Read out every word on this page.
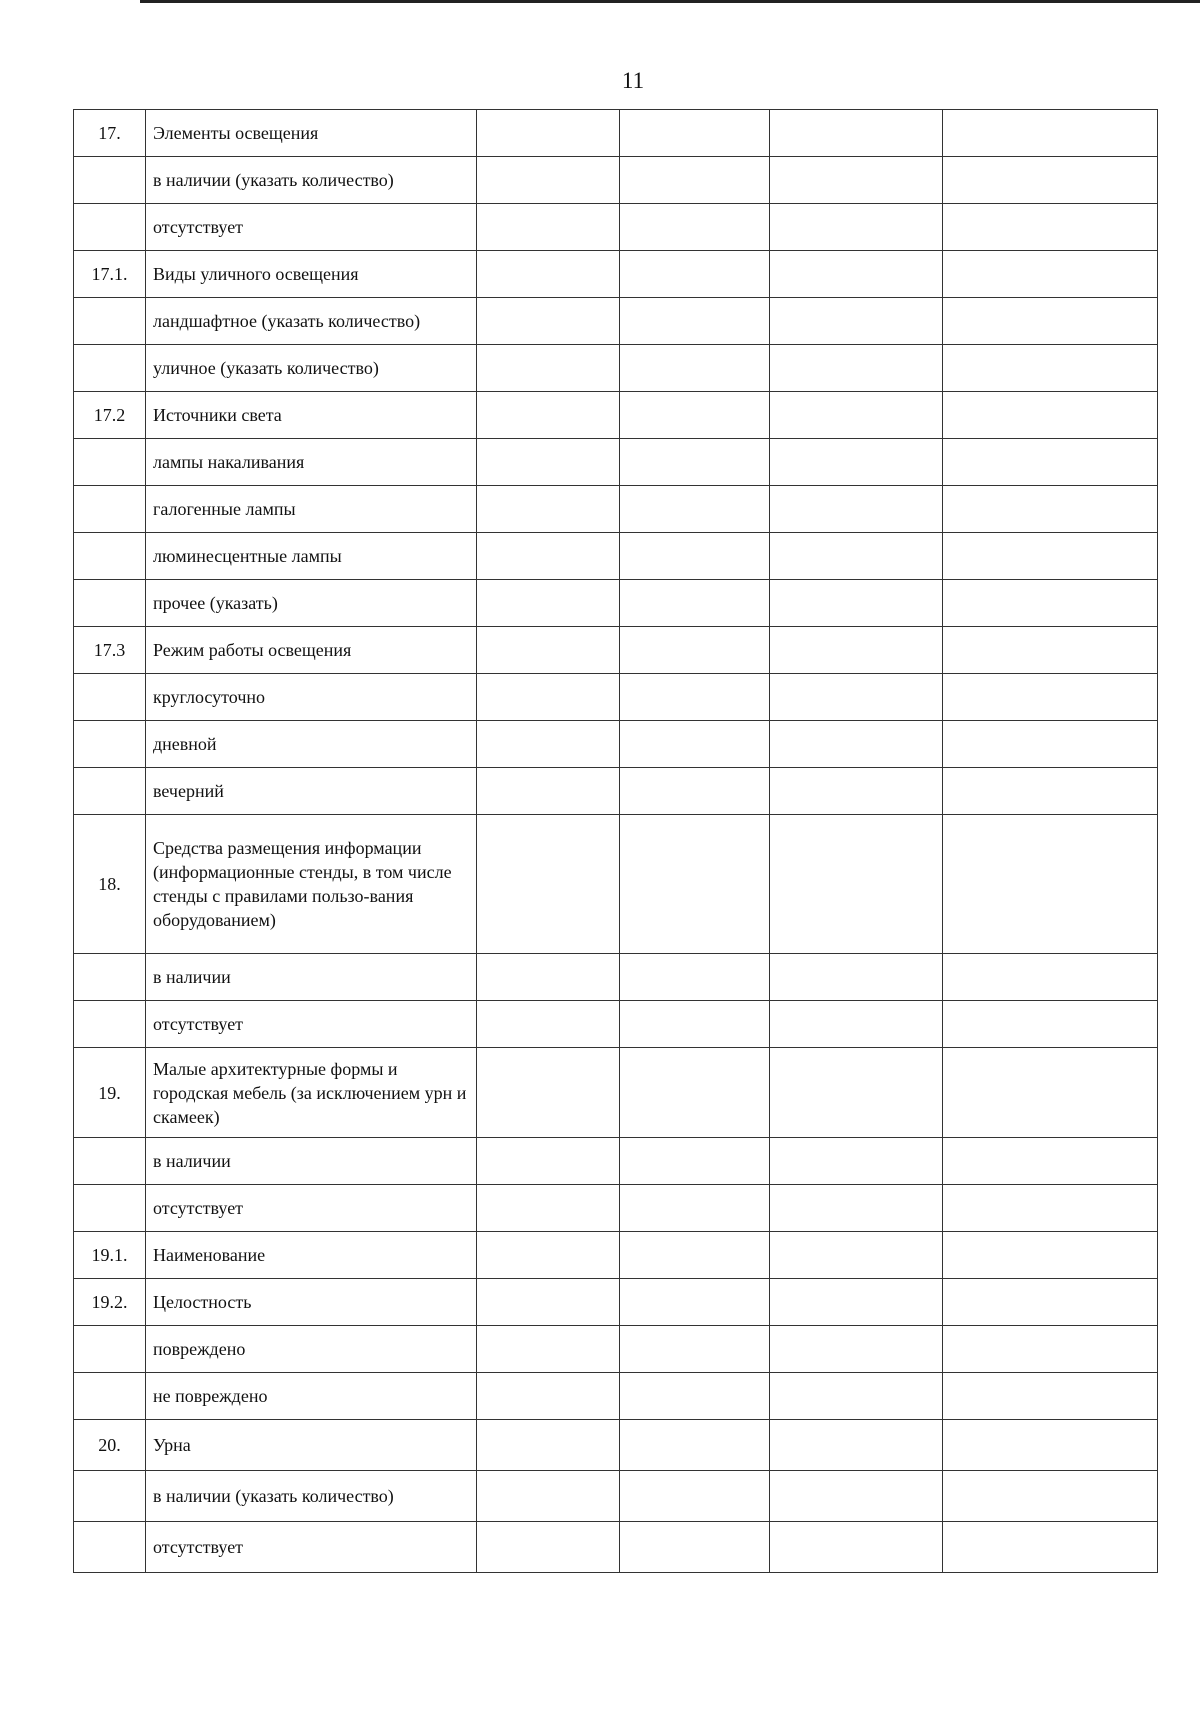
11
17.	Элементы освещения				
	в наличии (указать количество)				
	отсутствует				
17.1.	Виды уличного освещения				
	ландшафтное (указать количество)				
	уличное (указать количество)				
17.2	Источники света				
	лампы накаливания				
	галогенные лампы				
	люминесцентные лампы				
	прочее (указать)				
17.3	Режим работы освещения				
	круглосуточно				
	дневной				
	вечерний				
18.	Средства размещения информации (информационные стенды, в том числе стенды с правилами пользо-вания
оборудованием)				
	в наличии				
	отсутствует				
19.	Малые архитектурные формы и городская мебель (за исключением урн и скамеек)				
	в наличии				
	отсутствует				
19.1.	Наименование				
19.2.	Целостность				
	повреждено				
	не повреждено				
20.	Урна				
	в наличии (указать количество)				
	отсутствует				
